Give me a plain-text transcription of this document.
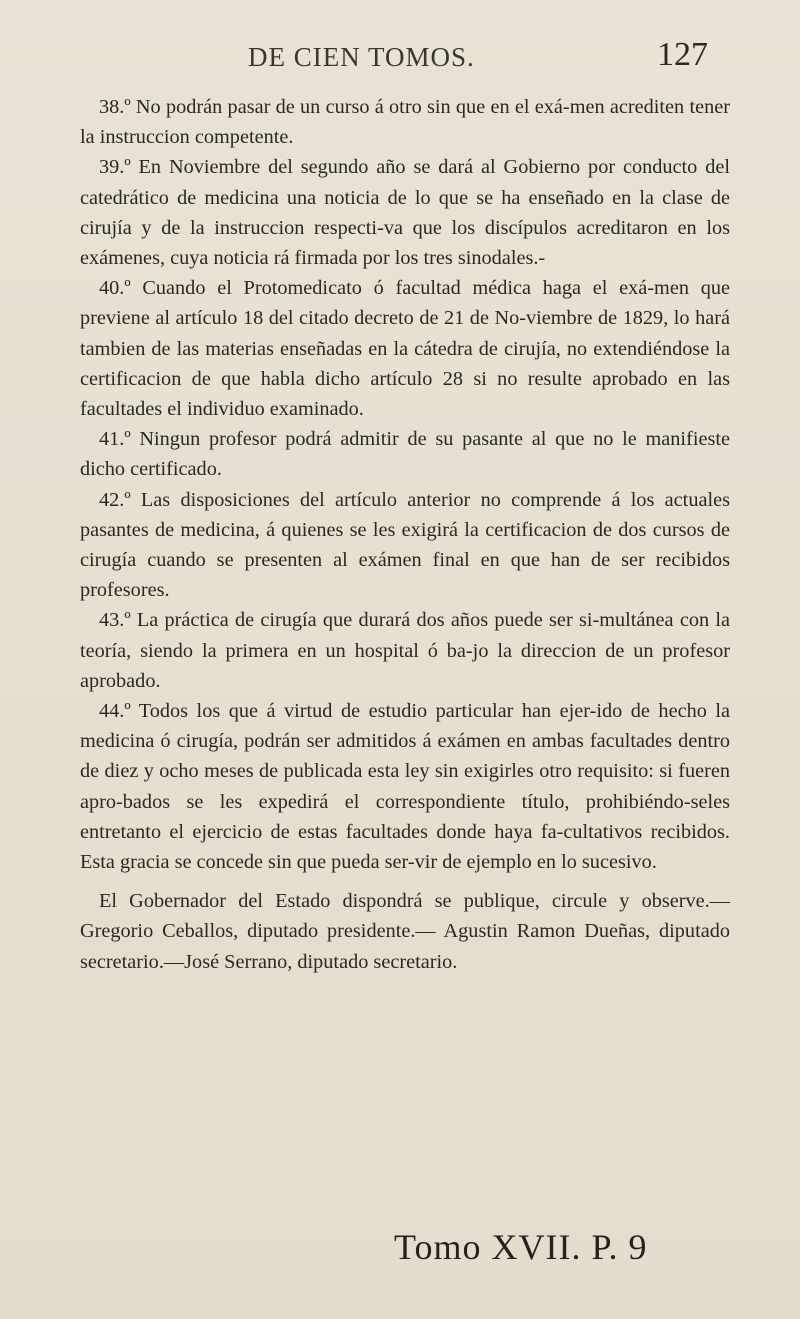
DE CIEN TOMOS.	127

38.º No podrán pasar de un curso á otro sin que en el exá-men acrediten tener la instruccion competente.

39.º En Noviembre del segundo año se dará al Gobierno por conducto del catedrático de medicina una noticia de lo que se ha enseñado en la clase de cirujía y de la instruccion respecti-va que los discípulos acreditaron en los exámenes, cuya noticia rá firmada por los tres sinodales.-

40.º Cuando el Protomedicato ó facultad médica haga el exá-men que previene al artículo 18 del citado decreto de 21 de No-viembre de 1829, lo hará tambien de las materias enseñadas en la cátedra de cirujía, no extendiéndose la certificacion de que habla dicho artículo 28 si no resulte aprobado en las facultades el individuo examinado.

41.º Ningun profesor podrá admitir de su pasante al que no le manifieste dicho certificado.

42.º Las disposiciones del artículo anterior no comprende á los actuales pasantes de medicina, á quienes se les exigirá la certificacion de dos cursos de cirugía cuando se presenten al exámen final en que han de ser recibidos profesores.

43.º La práctica de cirugía que durará dos años puede ser si-multánea con la teoría, siendo la primera en un hospital ó ba-jo la direccion de un profesor aprobado.

44.º Todos los que á virtud de estudio particular han ejer-ido de hecho la medicina ó cirugía, podrán ser admitidos á exámen en ambas facultades dentro de diez y ocho meses de publicada esta ley sin exigirles otro requisito: si fueren apro-bados se les expedirá el correspondiente título, prohibiéndo-seles entretanto el ejercicio de estas facultades donde haya fa-cultativos recibidos. Esta gracia se concede sin que pueda ser-vir de ejemplo en lo sucesivo.

El Gobernador del Estado dispondrá se publique, circule y observe.— Gregorio Ceballos, diputado presidente.— Agustin Ramon Dueñas, diputado secretario.—José Serrano, diputado secretario.

Tomo XVII. P. 9
